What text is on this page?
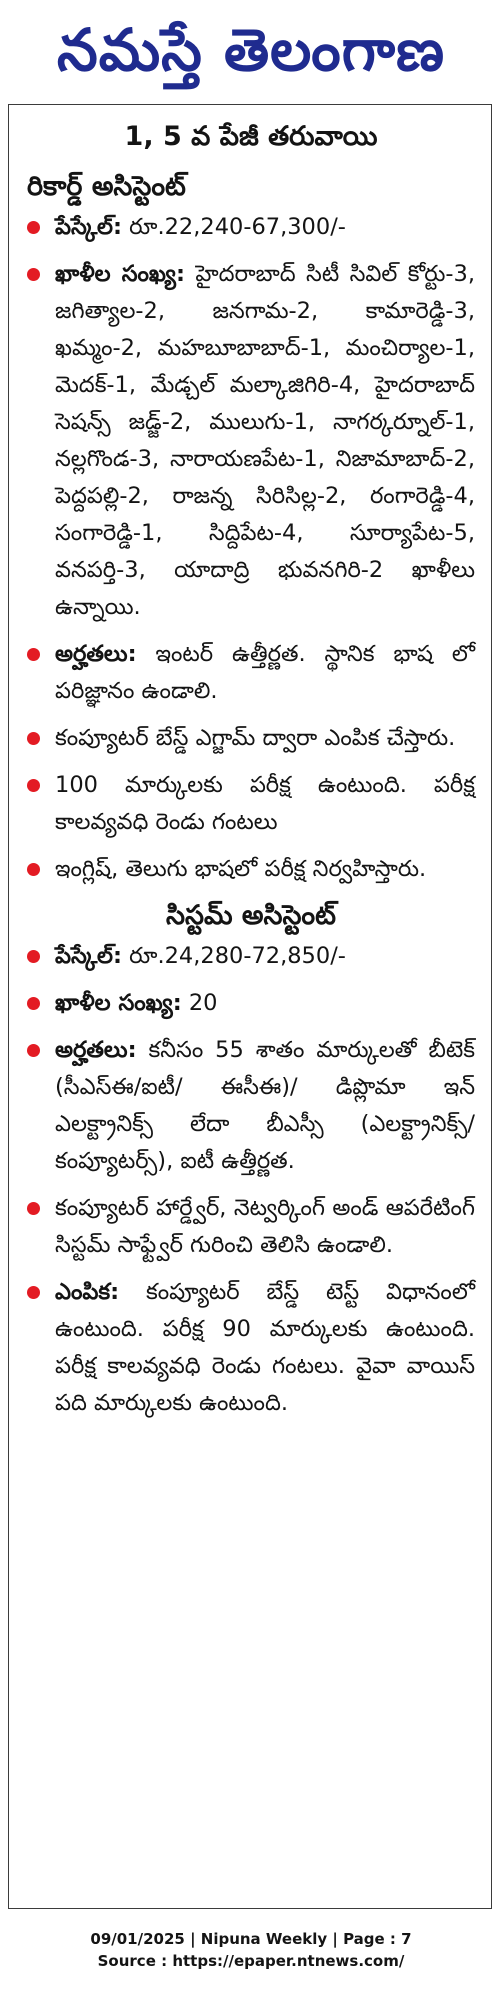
నమస్తే తెలంగాణ
1, 5 వ పేజీ తరువాయి
రికార్డ్ అసిస్టెంట్
పేస్కేల్: రూ.22,240-67,300/-
ఖాళీల సంఖ్య: హైదరాబాద్ సిటీ సివిల్ కోర్టు-3, జగిత్యాల-2, జనగామ-2, కామారెడ్డి-3, ఖమ్మం-2, మహబూబాబాద్-1, మంచిర్యాల-1, మెదక్-1, మేడ్చల్ మల్కాజిగిరి-4, హైదరాబాద్ సెషన్స్ జడ్జ్-2, ములుగు-1, నాగర్కర్నూల్-1, నల్లగొండ-3, నారాయణపేట-1, నిజామాబాద్-2, పెద్దపల్లి-2, రాజన్న సిరిసిల్ల-2, రంగారెడ్డి-4, సంగారెడ్డి-1, సిద్దిపేట-4, సూర్యాపేట-5, వనపర్తి-3, యాదాద్రి భువనగిరి-2 ఖాళీలు ఉన్నాయి.
అర్హతలు: ఇంటర్ ఉత్తీర్ణత. స్థానిక భాష లో పరిజ్ఞానం ఉండాలి.
కంప్యూటర్ బేస్డ్ ఎగ్జామ్ ద్వారా ఎంపిక చేస్తారు.
100 మార్కులకు పరీక్ష ఉంటుంది. పరీక్ష కాలవ్యవధి రెండు గంటలు
ఇంగ్లిష్, తెలుగు భాషలో పరీక్ష నిర్వహిస్తారు.
సిస్టమ్ అసిస్టెంట్
పేస్కేల్: రూ.24,280-72,850/-
ఖాళీల సంఖ్య: 20
అర్హతలు: కనీసం 55 శాతం మార్కులతో బీటెక్ (సీఎస్ఈ/ఐటీ/ ఈసీఈ)/ డిప్లొమా ఇన్ ఎలక్ట్రానిక్స్ లేదా బీఎస్సీ (ఎలక్ట్రానిక్స్/ కంప్యూటర్స్), ఐటీ ఉత్తీర్ణత.
కంప్యూటర్ హార్డ్వేర్, నెట్వర్కింగ్ అండ్ ఆపరేటింగ్ సిస్టమ్ సాఫ్ట్వేర్ గురించి తెలిసి ఉండాలి.
ఎంపిక: కంప్యూటర్ బేస్డ్ టెస్ట్ విధానంలో ఉంటుంది. పరీక్ష 90 మార్కులకు ఉంటుంది. పరీక్ష కాలవ్యవధి రెండు గంటలు. వైవా వాయిస్ పది మార్కులకు ఉంటుంది.
09/01/2025 | Nipuna Weekly | Page : 7
Source : https://epaper.ntnews.com/
